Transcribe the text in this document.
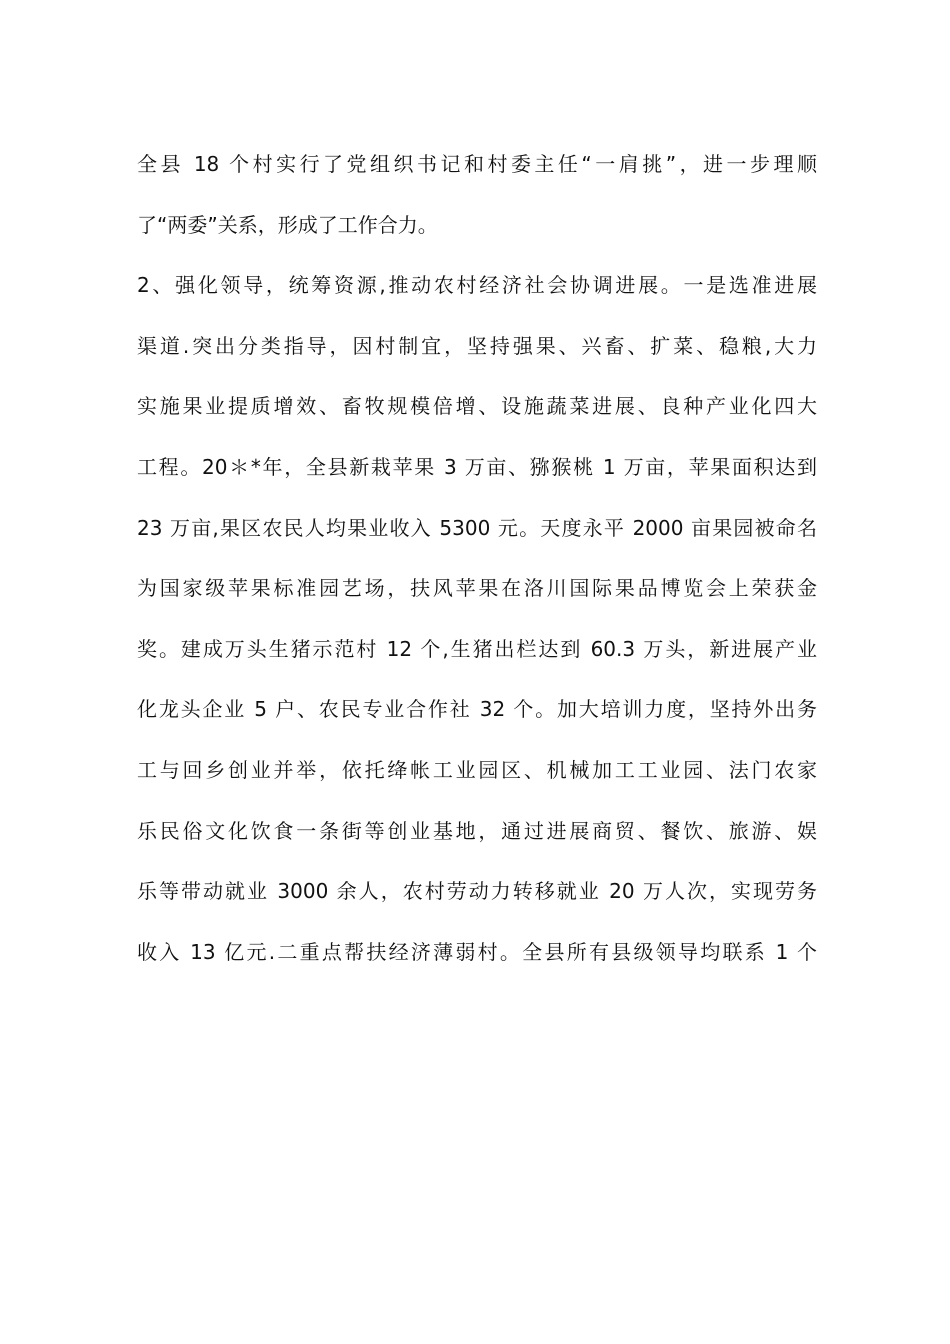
全县 18 个村实行了党组织书记和村委主任“一肩挑”，进一步理顺
了“两委”关系，形成了工作合力。
2、强化领导，统筹资源,推动农村经济社会协调进展。一是选准进展
渠道.突出分类指导，因村制宜，坚持强果、兴畜、扩菜、稳粮,大力
实施果业提质增效、畜牧规模倍增、设施蔬菜进展、良种产业化四大
工程。20＊*年，全县新栽苹果 3 万亩、猕猴桃 1 万亩，苹果面积达到
23 万亩,果区农民人均果业收入 5300 元。天度永平 2000 亩果园被命名
为国家级苹果标准园艺场，扶风苹果在洛川国际果品博览会上荣获金
奖。建成万头生猪示范村 12 个,生猪出栏达到 60.3 万头，新进展产业
化龙头企业 5 户、农民专业合作社 32 个。加大培训力度，坚持外出务
工与回乡创业并举，依托绛帐工业园区、机械加工工业园、法门农家
乐民俗文化饮食一条街等创业基地，通过进展商贸、餐饮、旅游、娱
乐等带动就业 3000 余人，农村劳动力转移就业 20 万人次，实现劳务
收入 13 亿元.二重点帮扶经济薄弱村。全县所有县级领导均联系 1 个
